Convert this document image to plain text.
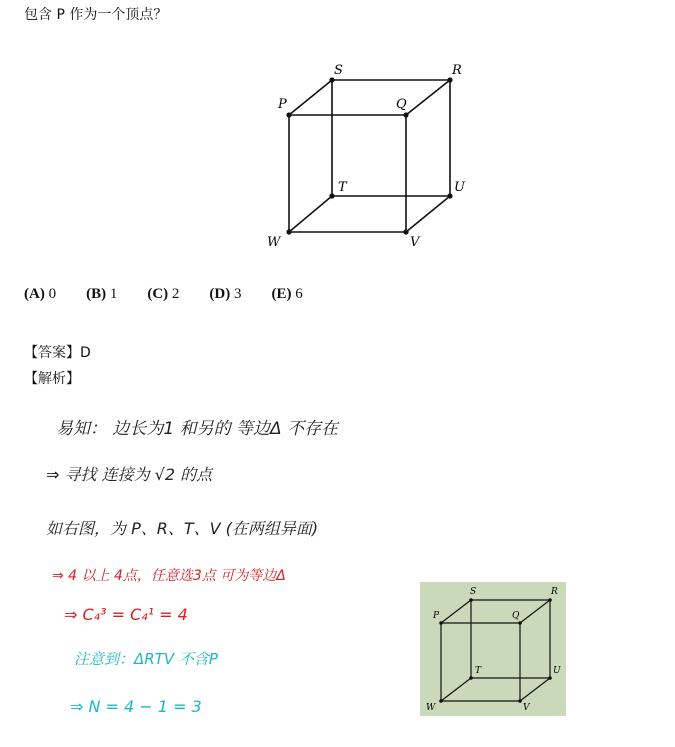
包含 P 作为一个顶点？
S	R
P	Q
T	U
W	V
(A) 0 (B) 1 (C) 2 (D) 3 (E) 6
【答案】D
【解析】
易知： 边长为1 和另的 等边Δ 不存在
⇒ 寻找 连接为 √2 的点
如右图，为 P、R、T、V (在两组异面)
⇒ 4 以上 4点，任意选3点 可为等边Δ
⇒ C₄³ = C₄¹ = 4
注意到：ΔRTV 不含P
⇒ N = 4 − 1 = 3
S	R
P	Q
T	U
W	V
